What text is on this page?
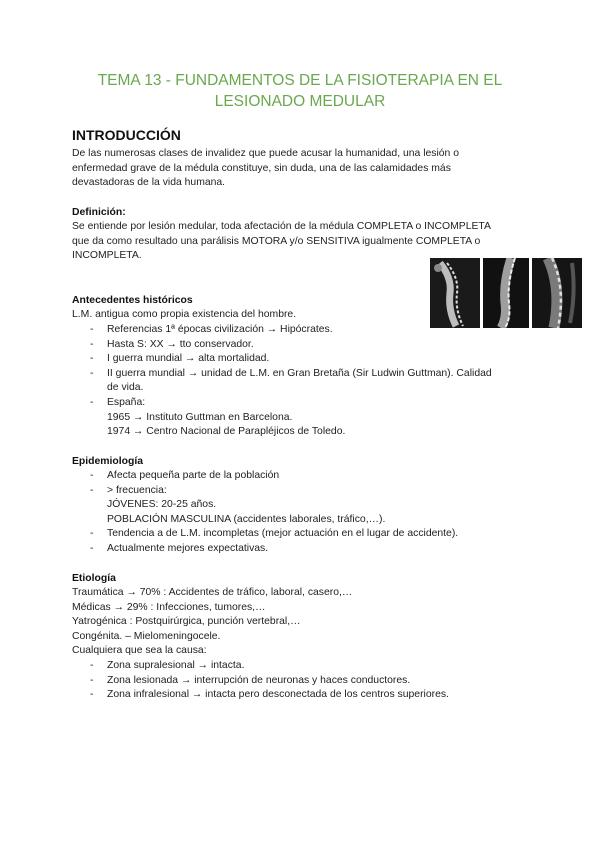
TEMA 13 - FUNDAMENTOS DE LA FISIOTERAPIA EN EL
LESIONADO MEDULAR
INTRODUCCIÓN
De las numerosas clases de invalidez que puede acusar la humanidad, una lesión o
enfermedad grave de la médula constituye, sin duda, una de las calamidades más
devastadoras de la vida humana.
Definición:
Se entiende por lesión medular, toda afectación de la médula COMPLETA o INCOMPLETA
que da como resultado una parálisis MOTORA y/o SENSITIVA igualmente COMPLETA o
INCOMPLETA.
Antecedentes históricos
L.M. antigua como propia existencia del hombre.
- Referencias 1ª épocas civilización → Hipócrates.
- Hasta S: XX → tto conservador.
- I guerra mundial → alta mortalidad.
- II guerra mundial → unidad de L.M. en Gran Bretaña (Sir Ludwin Guttman). Calidad
de vida.
- España:
1965 → Instituto Guttman en Barcelona.
1974 → Centro Nacional de Parapléjicos de Toledo.
Epidemiología
- Afecta pequeña parte de la población
- > frecuencia:
JÓVENES: 20-25 años.
POBLACIÓN MASCULINA (accidentes laborales, tráfico,…).
- Tendencia a de L.M. incompletas (mejor actuación en el lugar de accidente).
- Actualmente mejores expectativas.
Etiología
Traumática → 70% : Accidentes de tráfico, laboral, casero,…
Médicas → 29% : Infecciones, tumores,…
Yatrogénica : Postquirúrgica, punción vertebral,…
Congénita. – Mielomeningocele.
Cualquiera que sea la causa:
- Zona supralesional → intacta.
- Zona lesionada → interrupción de neuronas y haces conductores.
- Zona infralesional → intacta pero desconectada de los centros superiores.
